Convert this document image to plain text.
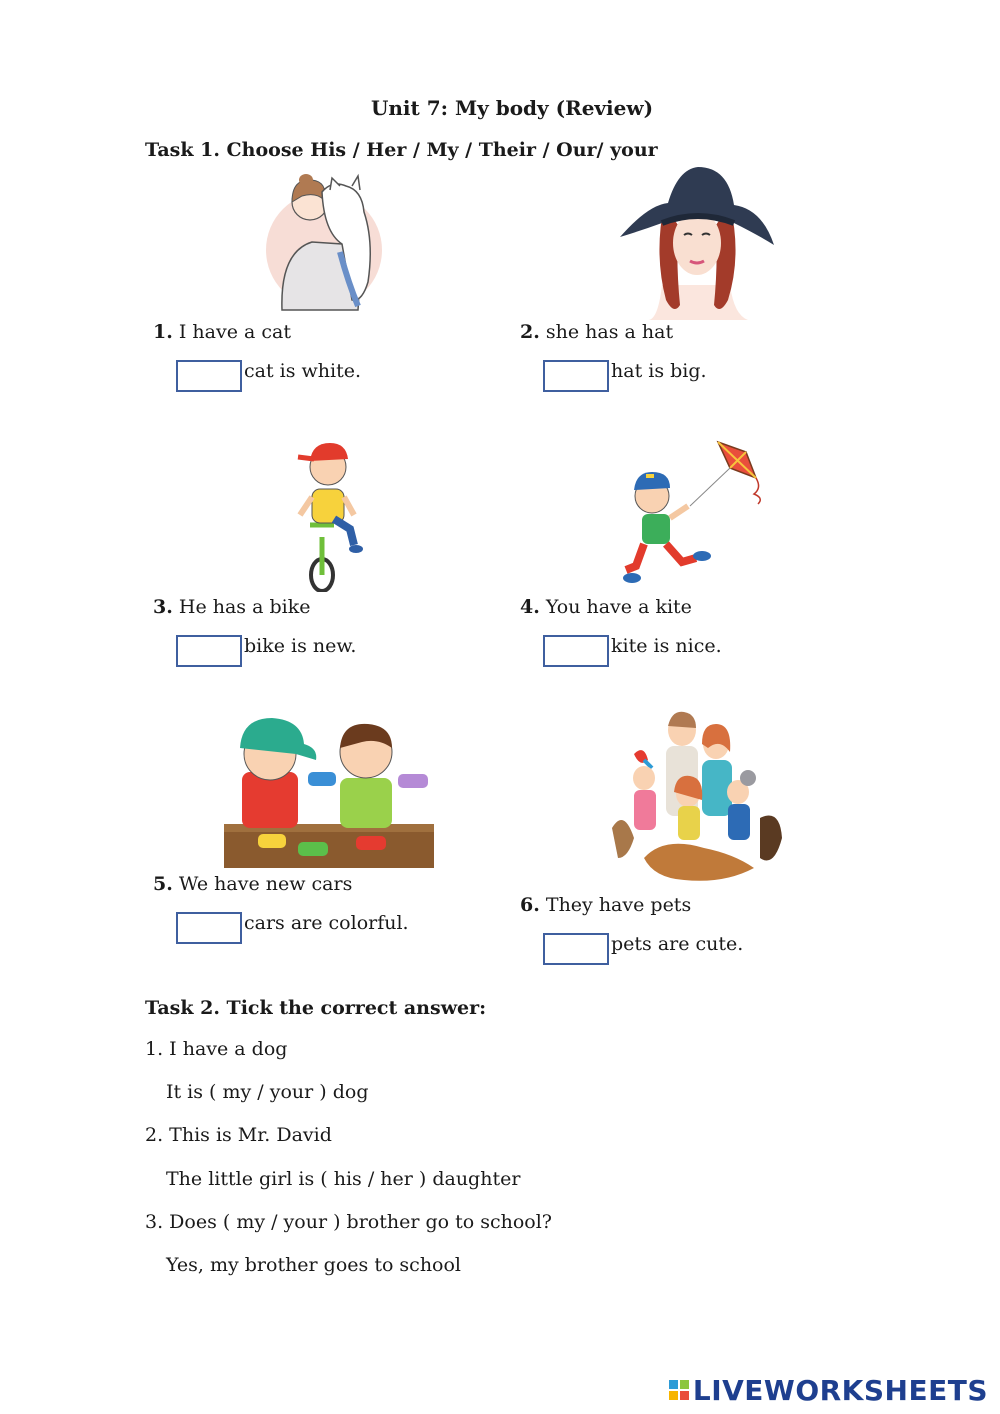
Unit 7: My body (Review)
Task 1. Choose His / Her / My / Their / Our/ your
1. I have a cat
cat is white.
2. she has a hat
hat is big.
3. He has a bike
bike is new.
4. You have a kite
kite is nice.
5. We have new cars
cars are colorful.
6. They have pets
pets are cute.
Task 2. Tick the correct answer:
1. I have a dog
It is ( my / your ) dog
2. This is Mr. David
The little girl is ( his / her ) daughter
3. Does ( my / your ) brother go to school?
Yes, my brother goes to school
LIVEWORKSHEETS
